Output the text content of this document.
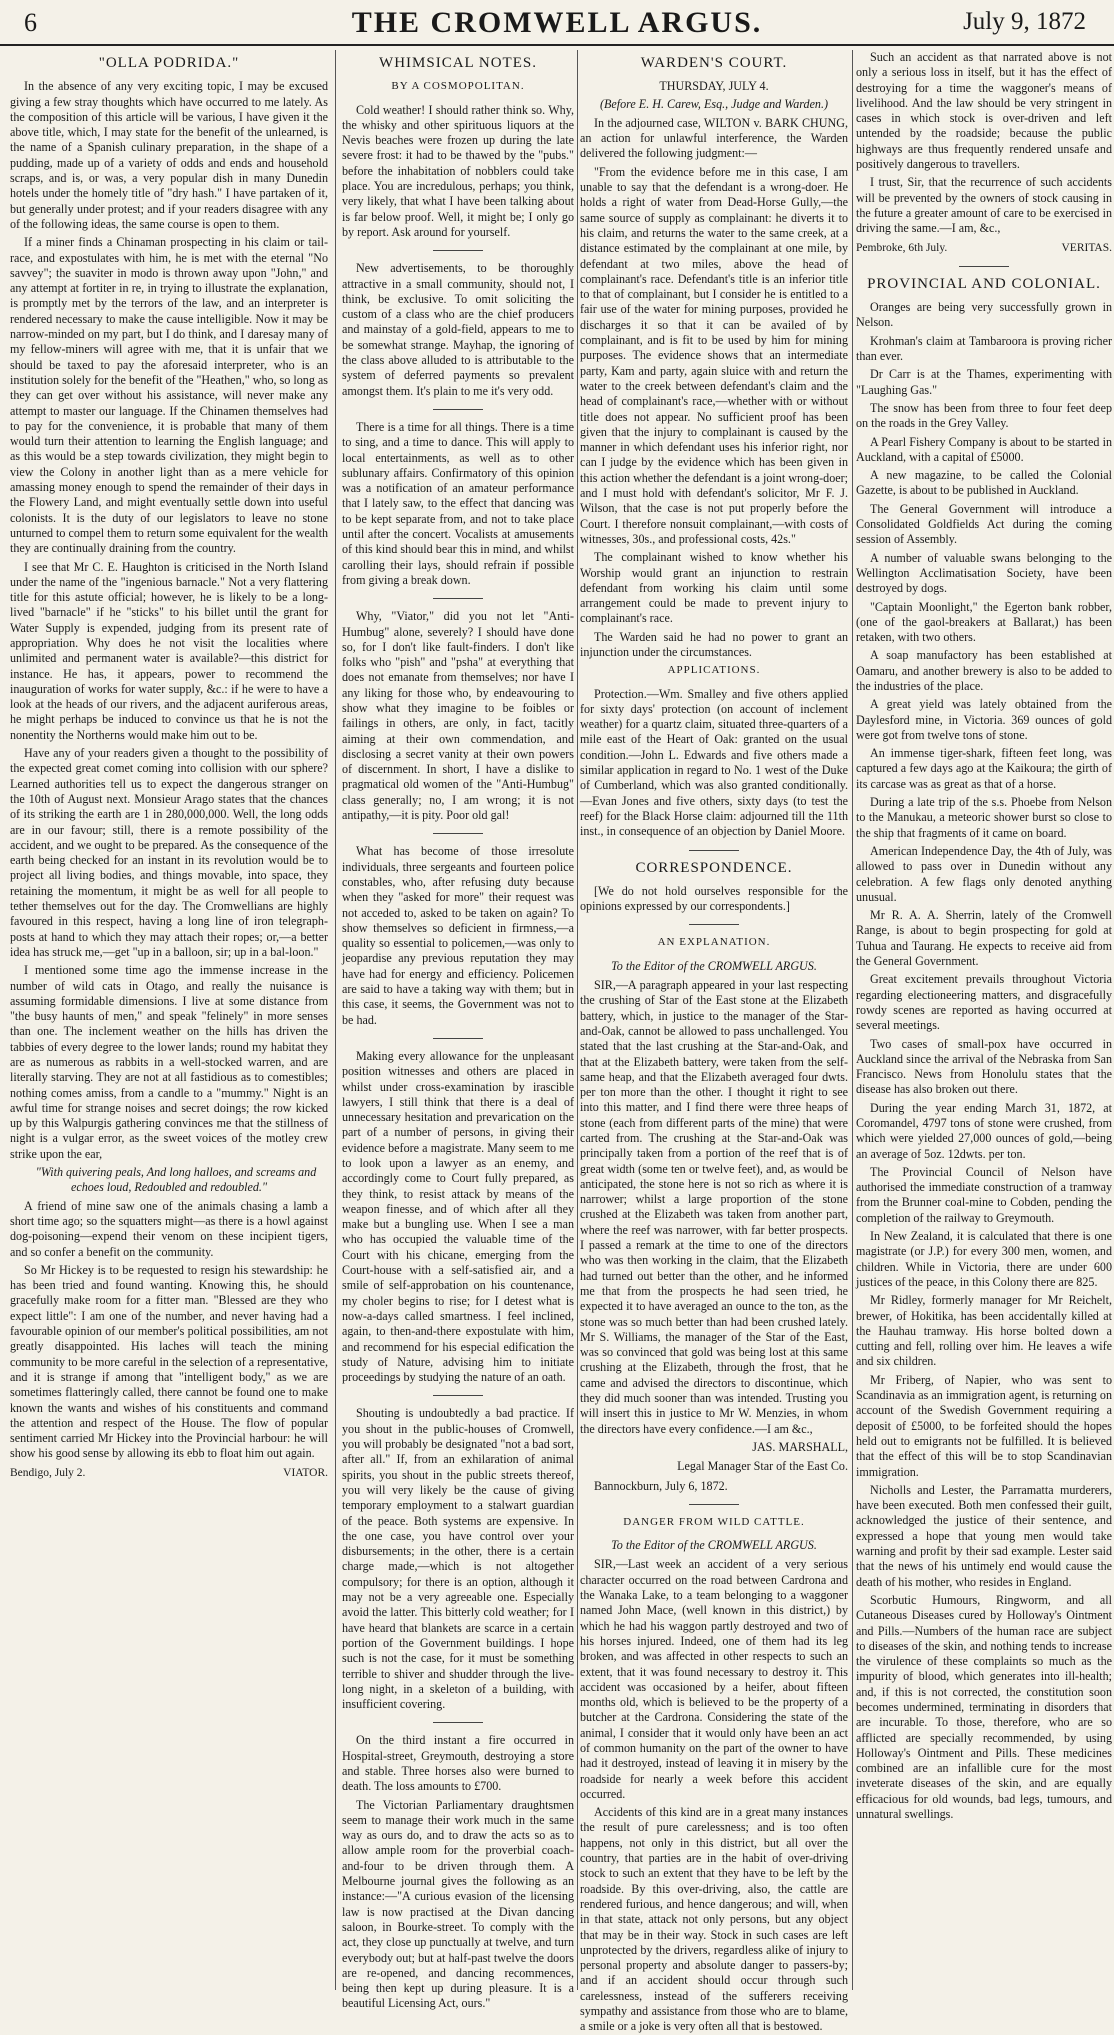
6	THE CROMWELL ARGUS.	July 9, 1872
"OLLA PODRIDA."

In the absence of any very exciting topic, I may be excused giving a few stray thoughts which have occurred to me lately. As the composition of this article will be various, I have given it the above title, which, I may state for the benefit of the unlearned, is the name of a Spanish culinary preparation, in the shape of a pudding, made up of a variety of odds and ends and household scraps, and is, or was, a very popular dish in many Dunedin hotels under the homely title of "dry hash." I have partaken of it, but generally under protest; and if your readers disagree with any of the following ideas, the same course is open to them.

If a miner finds a Chinaman prospecting in his claim or tail-race, and expostulates with him, he is met with the eternal "No savvey"; the suaviter in modo is thrown away upon "John," and any attempt at fortiter in re, in trying to illustrate the explanation, is promptly met by the terrors of the law, and an interpreter is rendered necessary to make the cause intelligible. Now it may be narrow-minded on my part, but I do think, and I daresay many of my fellow-miners will agree with me, that it is unfair that we should be taxed to pay the aforesaid interpreter, who is an institution solely for the benefit of the "Heathen," who, so long as they can get over without his assistance, will never make any attempt to master our language. If the Chinamen themselves had to pay for the convenience, it is probable that many of them would turn their attention to learning the English language; and as this would be a step towards civilization, they might begin to view the Colony in another light than as a mere vehicle for amassing money enough to spend the remainder of their days in the Flowery Land, and might eventually settle down into useful colonists. It is the duty of our legislators to leave no stone unturned to compel them to return some equivalent for the wealth they are continually draining from the country.

I see that Mr C. E. Haughton is criticised in the North Island under the name of the "ingenious barnacle." Not a very flattering title for this astute official; however, he is likely to be a long-lived "barnacle" if he "sticks" to his billet until the grant for Water Supply is expended, judging from its present rate of appropriation. Why does he not visit the localities where unlimited and permanent water is available?—this district for instance. He has, it appears, power to recommend the inauguration of works for water supply, &c.: if he were to have a look at the heads of our rivers, and the adjacent auriferous areas, he might perhaps be induced to convince us that he is not the nonentity the Northerns would make him out to be.

Have any of your readers given a thought to the possibility of the expected great comet coming into collision with our sphere? Learned authorities tell us to expect the dangerous stranger on the 10th of August next. Monsieur Arago states that the chances of its striking the earth are 1 in 280,000,000. Well, the long odds are in our favour; still, there is a remote possibility of the accident, and we ought to be prepared. As the consequence of the earth being checked for an instant in its revolution would be to project all living bodies, and things movable, into space, they retaining the momentum, it might be as well for all people to tether themselves out for the day. The Cromwellians are highly favoured in this respect, having a long line of iron telegraph-posts at hand to which they may attach their ropes; or,—a better idea has struck me,—get "up in a balloon, sir; up in a bal-loon."

I mentioned some time ago the immense increase in the number of wild cats in Otago, and really the nuisance is assuming formidable dimensions. I live at some distance from "the busy haunts of men," and speak "felinely" in more senses than one. The inclement weather on the hills has driven the tabbies of every degree to the lower lands; round my habitat they are as numerous as rabbits in a well-stocked warren, and are literally starving. They are not at all fastidious as to comestibles; nothing comes amiss, from a candle to a "mummy." Night is an awful time for strange noises and secret doings; the row kicked up by this Walpurgis gathering convinces me that the stillness of night is a vulgar error, as the sweet voices of the motley crew strike upon the ear,

"With quivering peals, And long halloes, and screams and echoes loud, Redoubled and redoubled."

A friend of mine saw one of the animals chasing a lamb a short time ago; so the squatters might—as there is a howl against dog-poisoning—expend their venom on these incipient tigers, and so confer a benefit on the community.

So Mr Hickey is to be requested to resign his stewardship: he has been tried and found wanting. Knowing this, he should gracefully make room for a fitter man. "Blessed are they who expect little": I am one of the number, and never having had a favourable opinion of our member's political possibilities, am not greatly disappointed. His laches will teach the mining community to be more careful in the selection of a representative, and it is strange if among that "intelligent body," as we are sometimes flatteringly called, there cannot be found one to make known the wants and wishes of his constituents and command the attention and respect of the House. The flow of popular sentiment carried Mr Hickey into the Provincial harbour: he will show his good sense by allowing its ebb to float him out again.

Bendigo, July 2.	VIATOR.
WHIMSICAL NOTES.
BY A COSMOPOLITAN.

Cold weather! I should rather think so. Why, the whisky and other spirituous liquors at the Nevis beaches were frozen up during the late severe frost: it had to be thawed by the "pubs." before the inhabitation of nobblers could take place. You are incredulous, perhaps; you think, very likely, that what I have been talking about is far below proof. Well, it might be; I only go by report. Ask around for yourself.

New advertisements, to be thoroughly attractive in a small community, should not, I think, be exclusive. To omit soliciting the custom of a class who are the chief producers and mainstay of a gold-field, appears to me to be somewhat strange. Mayhap, the ignoring of the class above alluded to is attributable to the system of deferred payments so prevalent amongst them. It's plain to me it's very odd.

There is a time for all things. There is a time to sing, and a time to dance. This will apply to local entertainments, as well as to other sublunary affairs. Confirmatory of this opinion was a notification of an amateur performance that I lately saw, to the effect that dancing was to be kept separate from, and not to take place until after the concert. Vocalists at amusements of this kind should bear this in mind, and whilst carolling their lays, should refrain if possible from giving a break down.

Why, "Viator," did you not let "Anti-Humbug" alone, severely? I should have done so, for I don't like fault-finders. I don't like folks who "pish" and "psha" at everything that does not emanate from themselves; nor have I any liking for those who, by endeavouring to show what they imagine to be foibles or failings in others, are only, in fact, tacitly aiming at their own commendation, and disclosing a secret vanity at their own powers of discernment. In short, I have a dislike to pragmatical old women of the "Anti-Humbug" class generally; no, I am wrong; it is not antipathy,—it is pity. Poor old gal!

What has become of those irresolute individuals, three sergeants and fourteen police constables, who, after refusing duty because when they "asked for more" their request was not acceded to, asked to be taken on again? To show themselves so deficient in firmness,—a quality so essential to policemen,—was only to jeopardise any previous reputation they may have had for energy and efficiency. Policemen are said to have a taking way with them; but in this case, it seems, the Government was not to be had.

Making every allowance for the unpleasant position witnesses and others are placed in whilst under cross-examination by irascible lawyers, I still think that there is a deal of unnecessary hesitation and prevarication on the part of a number of persons, in giving their evidence before a magistrate. Many seem to me to look upon a lawyer as an enemy, and accordingly come to Court fully prepared, as they think, to resist attack by means of the weapon finesse, and of which after all they make but a bungling use. When I see a man who has occupied the valuable time of the Court with his chicane, emerging from the Court-house with a self-satisfied air, and a smile of self-approbation on his countenance, my choler begins to rise; for I detest what is now-a-days called smartness. I feel inclined, again, to then-and-there expostulate with him, and recommend for his especial edification the study of Nature, advising him to initiate proceedings by studying the nature of an oath.

Shouting is undoubtedly a bad practice. If you shout in the public-houses of Cromwell, you will probably be designated "not a bad sort, after all." If, from an exhilaration of animal spirits, you shout in the public streets thereof, you will very likely be the cause of giving temporary employment to a stalwart guardian of the peace. Both systems are expensive. In the one case, you have control over your disbursements; in the other, there is a certain charge made,—which is not altogether compulsory; for there is an option, although it may not be a very agreeable one. Especially avoid the latter. This bitterly cold weather; for I have heard that blankets are scarce in a certain portion of the Government buildings. I hope such is not the case, for it must be something terrible to shiver and shudder through the live-long night, in a skeleton of a building, with insufficient covering.

On the third instant a fire occurred in Hospital-street, Greymouth, destroying a store and stable. Three horses also were burned to death. The loss amounts to £700.

The Victorian Parliamentary draughtsmen seem to manage their work much in the same way as ours do, and to draw the acts so as to allow ample room for the proverbial coach-and-four to be driven through them. A Melbourne journal gives the following as an instance:—"A curious evasion of the licensing law is now practised at the Divan dancing saloon, in Bourke-street. To comply with the act, they close up punctually at twelve, and turn everybody out; but at half-past twelve the doors are re-opened, and dancing recommences, being then kept up during pleasure. It is a beautiful Licensing Act, ours."

WARDEN'S COURT.
THURSDAY, JULY 4.
(Before E. H. Carew, Esq., Judge and Warden.)

In the adjourned case, WILTON v. BARK CHUNG, an action for unlawful interference, the Warden delivered the following judgment:—

"From the evidence before me in this case, I am unable to say that the defendant is a wrong-doer. He holds a right of water from Dead-Horse Gully,—the same source of supply as complainant: he diverts it to his claim, and returns the water to the same creek, at a distance estimated by the complainant at one mile, by defendant at two miles, above the head of complainant's race. Defendant's title is an inferior title to that of complainant, but I consider he is entitled to a fair use of the water for mining purposes, provided he discharges it so that it can be availed of by complainant, and is fit to be used by him for mining purposes. The evidence shows that an intermediate party, Kam and party, again sluice with and return the water to the creek between defendant's claim and the head of complainant's race,—whether with or without title does not appear. No sufficient proof has been given that the injury to complainant is caused by the manner in which defendant uses his inferior right, nor can I judge by the evidence which has been given in this action whether the defendant is a joint wrong-doer; and I must hold with defendant's solicitor, Mr F. J. Wilson, that the case is not put properly before the Court. I therefore nonsuit complainant,—with costs of witnesses, 30s., and professional costs, 42s."

The complainant wished to know whether his Worship would grant an injunction to restrain defendant from working his claim until some arrangement could be made to prevent injury to complainant's race.

The Warden said he had no power to grant an injunction under the circumstances.

APPLICATIONS.

Protection.—Wm. Smalley and five others applied for sixty days' protection (on account of inclement weather) for a quartz claim, situated three-quarters of a mile east of the Heart of Oak: granted on the usual condition.—John L. Edwards and five others made a similar application in regard to No. 1 west of the Duke of Cumberland, which was also granted conditionally.—Evan Jones and five others, sixty days (to test the reef) for the Black Horse claim: adjourned till the 11th inst., in consequence of an objection by Daniel Moore.

CORRESPONDENCE.

[We do not hold ourselves responsible for the opinions expressed by our correspondents.]

AN EXPLANATION.
To the Editor of the CROMWELL ARGUS.

SIR,—A paragraph appeared in your last respecting the crushing of Star of the East stone at the Elizabeth battery, which, in justice to the manager of the Star-and-Oak, cannot be allowed to pass unchallenged. You stated that the last crushing at the Star-and-Oak, and that at the Elizabeth battery, were taken from the self-same heap, and that the Elizabeth averaged four dwts. per ton more than the other. I thought it right to see into this matter, and I find there were three heaps of stone (each from different parts of the mine) that were carted from. The crushing at the Star-and-Oak was principally taken from a portion of the reef that is of great width (some ten or twelve feet), and, as would be anticipated, the stone here is not so rich as where it is narrower; whilst a large proportion of the stone crushed at the Elizabeth was taken from another part, where the reef was narrower, with far better prospects. I passed a remark at the time to one of the directors who was then working in the claim, that the Elizabeth had turned out better than the other, and he informed me that from the prospects he had seen tried, he expected it to have averaged an ounce to the ton, as the stone was so much better than had been crushed lately. Mr S. Williams, the manager of the Star of the East, was so convinced that gold was being lost at this same crushing at the Elizabeth, through the frost, that he came and advised the directors to discontinue, which they did much sooner than was intended. Trusting you will insert this in justice to Mr W. Menzies, in whom the directors have every confidence.—I am &c.,

JAS. MARSHALL,
Legal Manager Star of the East Co.

Bannockburn, July 6, 1872.

DANGER FROM WILD CATTLE.
To the Editor of the CROMWELL ARGUS.

SIR,—Last week an accident of a very serious character occurred on the road between Cardrona and the Wanaka Lake, to a team belonging to a waggoner named John Mace, (well known in this district,) by which he had his waggon partly destroyed and two of his horses injured. Indeed, one of them had its leg broken, and was affected in other respects to such an extent, that it was found necessary to destroy it. This accident was occasioned by a heifer, about fifteen months old, which is believed to be the property of a butcher at the Cardrona. Considering the state of the animal, I consider that it would only have been an act of common humanity on the part of the owner to have had it destroyed, instead of leaving it in misery by the roadside for nearly a week before this accident occurred.

Accidents of this kind are in a great many instances the result of pure carelessness; and is too often happens, not only in this district, but all over the country, that parties are in the habit of over-driving stock to such an extent that they have to be left by the roadside. By this over-driving, also, the cattle are rendered furious, and hence dangerous; and will, when in that state, attack not only persons, but any object that may be in their way. Stock in such cases are left unprotected by the drivers, regardless alike of injury to personal property and absolute danger to passers-by; and if an accident should occur through such carelessness, instead of the sufferers receiving sympathy and assistance from those who are to blame, a smile or a joke is very often all that is bestowed.

Such an accident as that narrated above is not only a serious loss in itself, but it has the effect of destroying for a time the waggoner's means of livelihood. And the law should be very stringent in cases in which stock is over-driven and left untended by the roadside; because the public highways are thus frequently rendered unsafe and positively dangerous to travellers.

I trust, Sir, that the recurrence of such accidents will be prevented by the owners of stock causing in the future a greater amount of care to be exercised in driving the same.—I am, &c.,

Pembroke, 6th July.	VERITAS.
PROVINCIAL AND COLONIAL.

Oranges are being very successfully grown in Nelson.

Krohman's claim at Tambaroora is proving richer than ever.

Dr Carr is at the Thames, experimenting with "Laughing Gas."

The snow has been from three to four feet deep on the roads in the Grey Valley.

A Pearl Fishery Company is about to be started in Auckland, with a capital of £5000.

A new magazine, to be called the Colonial Gazette, is about to be published in Auckland.

The General Government will introduce a Consolidated Goldfields Act during the coming session of Assembly.

A number of valuable swans belonging to the Wellington Acclimatisation Society, have been destroyed by dogs.

"Captain Moonlight," the Egerton bank robber, (one of the gaol-breakers at Ballarat,) has been retaken, with two others.

A soap manufactory has been established at Oamaru, and another brewery is also to be added to the industries of the place.

A great yield was lately obtained from the Daylesford mine, in Victoria. 369 ounces of gold were got from twelve tons of stone.

An immense tiger-shark, fifteen feet long, was captured a few days ago at the Kaikoura; the girth of its carcase was as great as that of a horse.

During a late trip of the s.s. Phoebe from Nelson to the Manukau, a meteoric shower burst so close to the ship that fragments of it came on board.

American Independence Day, the 4th of July, was allowed to pass over in Dunedin without any celebration. A few flags only denoted anything unusual.

Mr R. A. A. Sherrin, lately of the Cromwell Range, is about to begin prospecting for gold at Tuhua and Taurang. He expects to receive aid from the General Government.

Great excitement prevails throughout Victoria regarding electioneering matters, and disgracefully rowdy scenes are reported as having occurred at several meetings.

Two cases of small-pox have occurred in Auckland since the arrival of the Nebraska from San Francisco. News from Honolulu states that the disease has also broken out there.

During the year ending March 31, 1872, at Coromandel, 4797 tons of stone were crushed, from which were yielded 27,000 ounces of gold,—being an average of 5oz. 12dwts. per ton.

The Provincial Council of Nelson have authorised the immediate construction of a tramway from the Brunner coal-mine to Cobden, pending the completion of the railway to Greymouth.

In New Zealand, it is calculated that there is one magistrate (or J.P.) for every 300 men, women, and children. While in Victoria, there are under 600 justices of the peace, in this Colony there are 825.

Mr Ridley, formerly manager for Mr Reichelt, brewer, of Hokitika, has been accidentally killed at the Hauhau tramway. His horse bolted down a cutting and fell, rolling over him. He leaves a wife and six children.

Mr Friberg, of Napier, who was sent to Scandinavia as an immigration agent, is returning on account of the Swedish Government requiring a deposit of £5000, to be forfeited should the hopes held out to emigrants not be fulfilled. It is believed that the effect of this will be to stop Scandinavian immigration.

Nicholls and Lester, the Parramatta murderers, have been executed. Both men confessed their guilt, acknowledged the justice of their sentence, and expressed a hope that young men would take warning and profit by their sad example. Lester said that the news of his untimely end would cause the death of his mother, who resides in England.

Scorbutic Humours, Ringworm, and all Cutaneous Diseases cured by Holloway's Ointment and Pills.—Numbers of the human race are subject to diseases of the skin, and nothing tends to increase the virulence of these complaints so much as the impurity of blood, which generates into ill-health; and, if this is not corrected, the constitution soon becomes undermined, terminating in disorders that are incurable. To those, therefore, who are so afflicted are specially recommended, by using Holloway's Ointment and Pills. These medicines combined are an infallible cure for the most inveterate diseases of the skin, and are equally efficacious for old wounds, bad legs, tumours, and unnatural swellings.
